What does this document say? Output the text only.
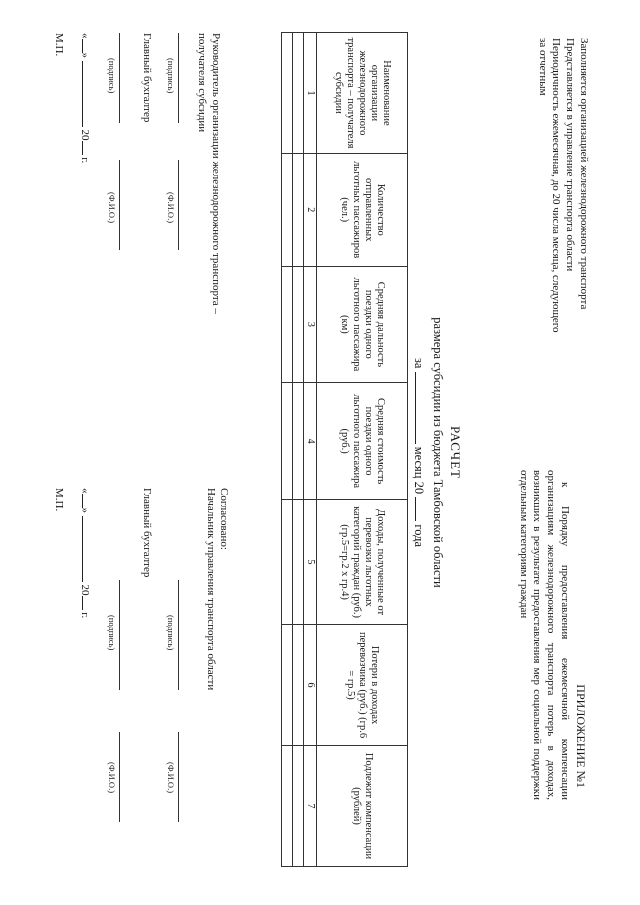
Заполняется организацией железнодорожного транспорта
Представляется в управление транспорта области
Периодичность ежемесячная, до 20 числа месяца, следующего
за отчетным
ПРИЛОЖЕНИЕ №1
к Порядку предоставления ежемесячной компенсации организациям железнодорожного транспорта потерь в доходах, возникших в результате предоставления мер социальной поддержки отдельным категориям граждан
РАСЧЕТ
размера субсидии из бюджета Тамбовской области
за  месяц 20  года
Наименование организации железнодорожного транспорта – получателя субсидии	Количество отправленных льготных пассажиров (чел.)	Средняя дальность поездки одного льготного пассажира (км)	Средняя стоимость поездки одного льготного пассажира (руб.)	Доходы, полученные от перевозки льготных категорий граждан (руб.) (гр.5=гр.2 х гр.4)	Потери в доходах перевозчика (руб.) (гр.6 = гр.5)	Подлежит компенсации (рублей)
1	2	3	4	5	6	7

Руководитель организации железнодорожного транспорта – получателя субсидии
(подпись)
(Ф.И.О.)
Главный бухгалтер
(подпись)
(Ф.И.О.)
«»  20 г.
М.П.
Согласовано:
Начальник управления транспорта области
(подпись)
(Ф.И.О.)
Главный бухгалтер
(подпись)
(Ф.И.О.)
«»  20 г.
М.П.
